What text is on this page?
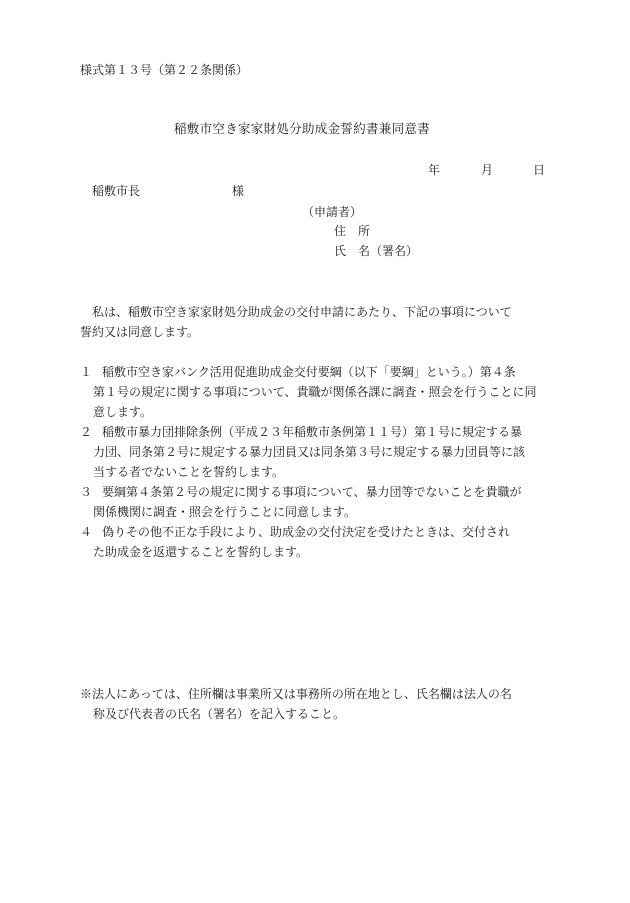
様式第１３号（第２２条関係）
稲敷市空き家家財処分助成金誓約書兼同意書
年	月	日
稲敷市長	様
（申請者）
住　所
氏　名（署名）
　私は、稲敷市空き家家財処分助成金の交付申請にあたり、下記の事項について
誓約又は同意します。
１ 稲敷市空き家バンク活用促進助成金交付要綱（以下「要綱」という。）第４条
第１号の規定に関する事項について、貴職が関係各課に調査・照会を行うことに同
意します。
２ 稲敷市暴力団排除条例（平成２３年稲敷市条例第１１号）第１号に規定する暴
力団、同条第２号に規定する暴力団員又は同条第３号に規定する暴力団員等に該
当する者でないことを誓約します。
３ 要綱第４条第２号の規定に関する事項について、暴力団等でないことを貴職が
関係機関に調査・照会を行うことに同意します。
４ 偽りその他不正な手段により、助成金の交付決定を受けたときは、交付され
た助成金を返還することを誓約します。
※法人にあっては、住所欄は事業所又は事務所の所在地とし、氏名欄は法人の名
称及び代表者の氏名（署名）を記入すること。
